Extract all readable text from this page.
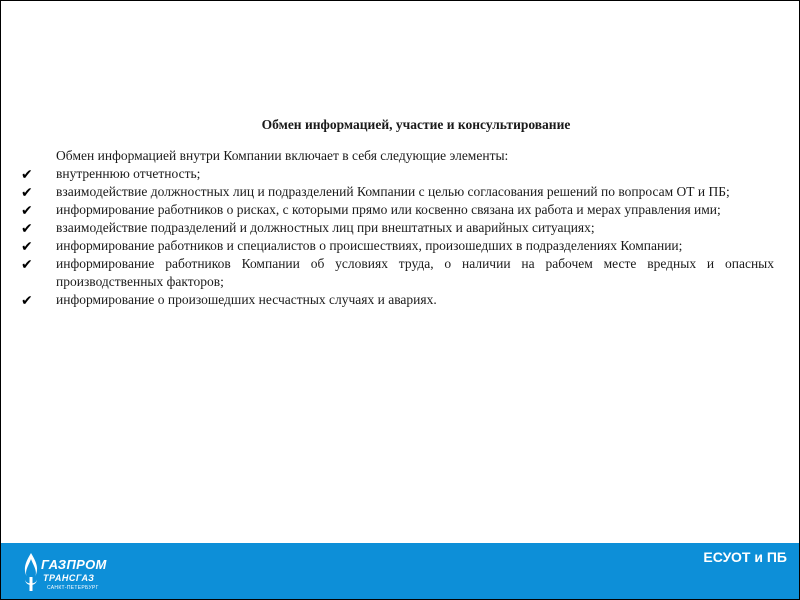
Обмен информацией, участие и консультирование
Обмен информацией внутри Компании включает в себя следующие элементы:
✔ внутреннюю отчетность;
✔ взаимодействие должностных лиц и подразделений Компании с целью согласования решений по вопросам ОТ и ПБ;
✔ информирование работников о рисках, с которыми прямо или косвенно связана их работа и мерах управления ими;
✔ взаимодействие подразделений и должностных лиц при внештатных и аварийных ситуациях;
✔ информирование работников и специалистов о происшествиях, произошедших в подразделениях Компании;
✔ информирование работников Компании об условиях труда, о наличии на рабочем месте вредных и опасных производственных факторов;
✔ информирование о произошедших несчастных случаях и авариях.
ГАЗПРОМ
ТРАНСГАЗ
САНКТ-ПЕТЕРБУРГ
ЕСУОТ и ПБ
